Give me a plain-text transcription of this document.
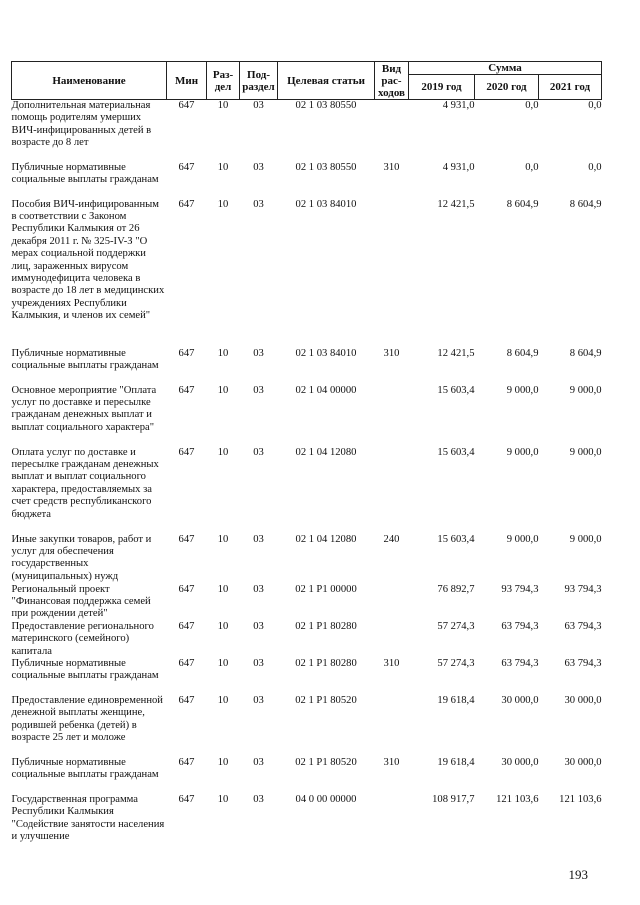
Наименование	Мин	Раз- дел	Под- раздел	Целевая статьи	Вид рас- ходов	Сумма		
						2019 год	2020 год	2021 год
Дополнительная материальная помощь родителям умерших ВИЧ-инфицированных детей в возрасте до 8 лет	647	10	03	02 1 03 80550		4 931,0	0,0	0,0
Публичные нормативные социальные выплаты гражданам	647	10	03	02 1 03 80550	310	4 931,0	0,0	0,0
Пособия ВИЧ-инфицированным в соответствии с Законом Республики Калмыкия от 26 декабря 2011 г. № 325-IV-З "О мерах социальной поддержки лиц, зараженных вирусом иммунодефицита человека в возрасте до 18 лет в медицинских учреждениях Республики Калмыкия, и членов их семей"	647	10	03	02 1 03 84010		12 421,5	8 604,9	8 604,9
Публичные нормативные социальные выплаты гражданам	647	10	03	02 1 03 84010	310	12 421,5	8 604,9	8 604,9
Основное мероприятие "Оплата услуг по доставке и пересылке гражданам денежных выплат и выплат социального характера"	647	10	03	02 1 04 00000		15 603,4	9 000,0	9 000,0
Оплата услуг по доставке и пересылке гражданам денежных выплат и выплат социального характера, предоставляемых за счет средств республиканского бюджета	647	10	03	02 1 04 12080		15 603,4	9 000,0	9 000,0
Иные закупки товаров, работ и услуг для обеспечения государственных (муниципальных) нужд	647	10	03	02 1 04 12080	240	15 603,4	9 000,0	9 000,0
Региональный проект "Финансовая поддержка семей при рождении детей"	647	10	03	02 1 P1 00000		76 892,7	93 794,3	93 794,3
Предоставление регионального материнского (семейного) капитала	647	10	03	02 1 P1 80280		57 274,3	63 794,3	63 794,3
Публичные нормативные социальные выплаты гражданам	647	10	03	02 1 P1 80280	310	57 274,3	63 794,3	63 794,3
Предоставление единовременной денежной выплаты женщине, родившей ребенка (детей) в возрасте 25 лет и моложе	647	10	03	02 1 P1 80520		19 618,4	30 000,0	30 000,0
Публичные нормативные социальные выплаты гражданам	647	10	03	02 1 P1 80520	310	19 618,4	30 000,0	30 000,0
Государственная программа Республики Калмыкия "Содействие занятости населения и улучшение	647	10	03	04 0 00 00000		108 917,7	121 103,6	121 103,6
193
